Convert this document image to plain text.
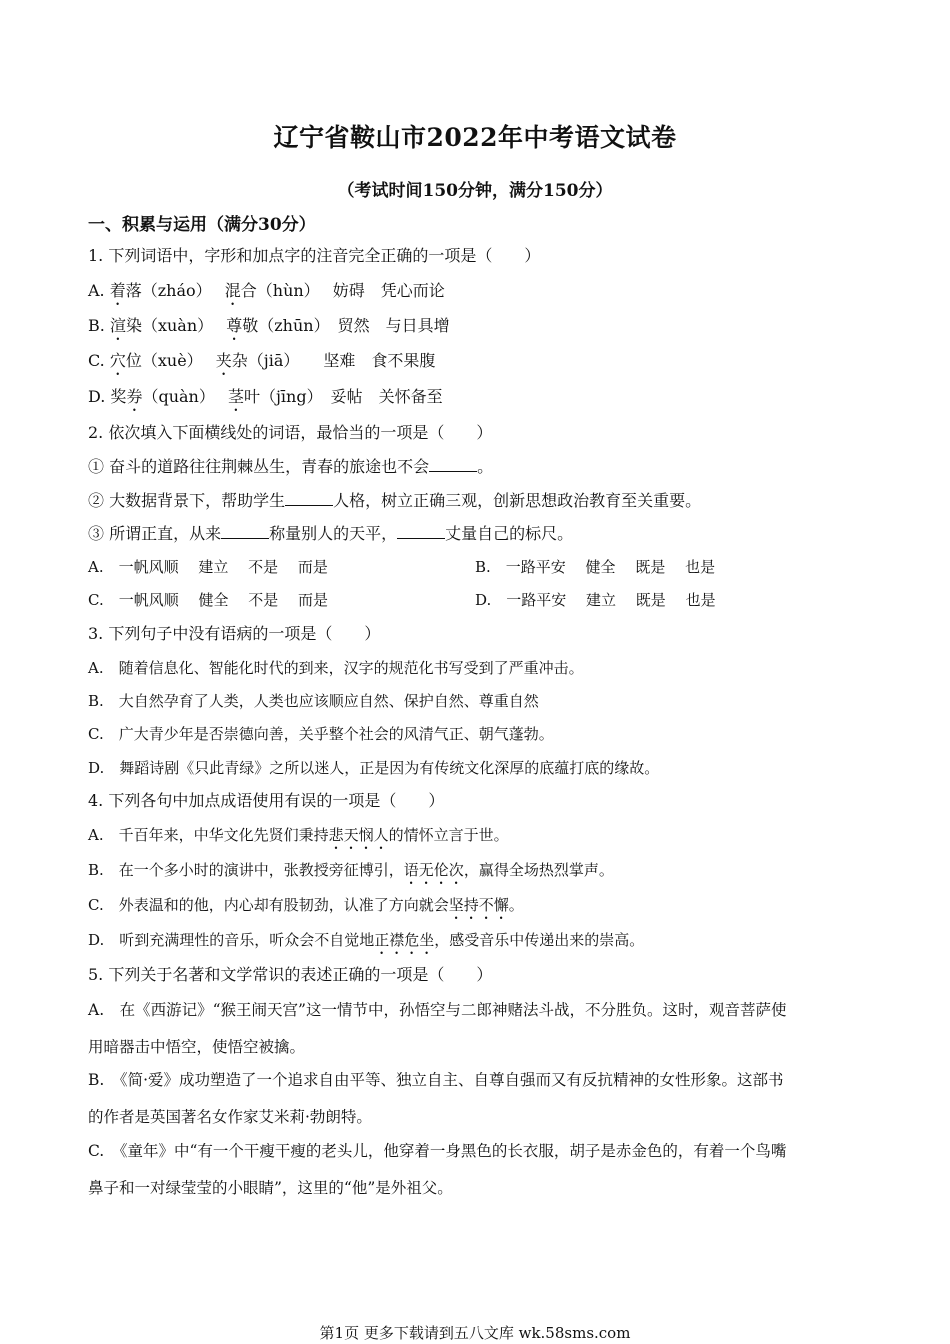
辽宁省鞍山市2022年中考语文试卷
（考试时间150分钟，满分150分）
一、积累与运用（满分30分）
1. 下列词语中，字形和加点字的注音完全正确的一项是（　　）
A. 着落（zháo）　 混合（hùn）　 妨碍　凭心而论
B. 渲染（xuàn）　 尊敬（zhūn）　贸然　与日具增
C. 穴位（xuè）　 夹杂（jiā）　　坚难　食不果腹
D. 奖券（quàn）　 茎叶（jīng）　妥帖　关怀备至
2. 依次填入下面横线处的词语，最恰当的一项是（　　）
① 奋斗的道路往往荆棘丛生，青春的旅途也不会	。
② 大数据背景下，帮助学生	人格，树立正确三观，创新思想政治教育至关重要。
③ 所谓正直，从来	称量别人的天平，	丈量自己的标尺。
A.　一帆风顺　 建立　 不是　 而是	B.　一路平安　 健全　 既是　 也是
C.　一帆风顺　 健全　 不是　 而是	D.　一路平安　 建立　 既是　 也是
3. 下列句子中没有语病的一项是（　　）
A.　随着信息化、智能化时代的到来，汉字的规范化书写受到了严重冲击。
B.　大自然孕育了人类，人类也应该顺应自然、保护自然、尊重自然
C.　广大青少年是否崇德向善，关乎整个社会的风清气正、朝气蓬勃。
D.　舞蹈诗剧《只此青绿》之所以迷人，正是因为有传统文化深厚的底蕴打底的缘故。
4. 下列各句中加点成语使用有误的一项是（　　）
A.　千百年来，中华文化先贤们秉持悲天悯人的情怀立言于世。
B.　在一个多小时的演讲中，张教授旁征博引，语无伦次，赢得全场热烈掌声。
C.　外表温和的他，内心却有股韧劲，认准了方向就会坚持不懈。
D.　听到充满理性的音乐，听众会不自觉地正襟危坐，感受音乐中传递出来的崇高。
5. 下列关于名著和文学常识的表述正确的一项是（　　）
A.　在《西游记》“猴王闹天宫”这一情节中，孙悟空与二郎神赌法斗战，不分胜负。这时，观音菩萨使
用暗器击中悟空，使悟空被擒。
B.　《简·爱》成功塑造了一个追求自由平等、独立自主、自尊自强而又有反抗精神的女性形象。这部书
的作者是英国著名女作家艾米莉·勃朗特。
C.　《童年》中“有一个干瘦干瘦的老头儿，他穿着一身黑色的长衣服，胡子是赤金色的，有着一个鸟嘴
鼻子和一对绿莹莹的小眼睛”，这里的“他”是外祖父。
第1页 更多下载请到五八文库 wk.58sms.com
